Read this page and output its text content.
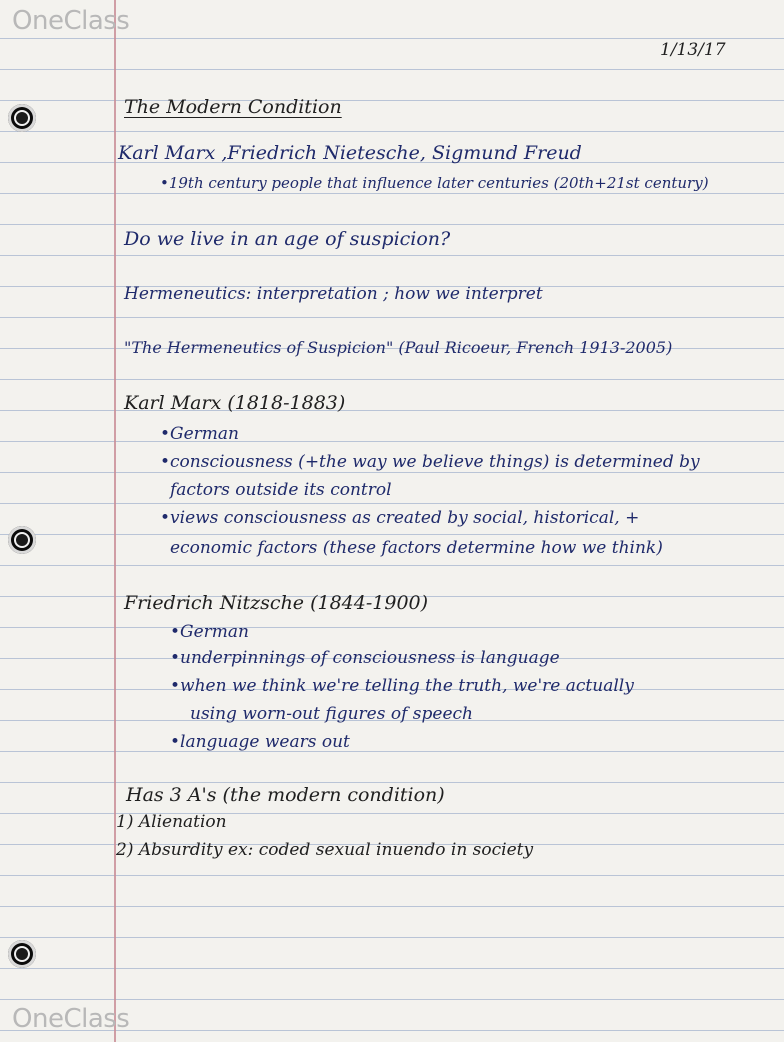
OneClass
OneClass
1/13/17
The Modern Condition
Karl Marx ,Friedrich Nietesche, Sigmund Freud
•19th century people that influence later centuries (20th+21st century)
Do we live in an age of suspicion?
Hermeneutics: interpretation ; how we interpret
"The Hermeneutics of Suspicion" (Paul Ricoeur, French 1913-2005)
Karl Marx (1818-1883)
•German
•consciousness (+the way we believe things) is determined by
factors outside its control
•views consciousness as created by social, historical, +
economic factors (these factors determine how we think)
Friedrich Nitzsche (1844-1900)
•German
•underpinnings of consciousness is language
•when we think we're telling the truth, we're actually
using worn-out figures of speech
•language wears out
Has 3 A's (the modern condition)
1) Alienation
2) Absurdity ex: coded sexual inuendo in society
